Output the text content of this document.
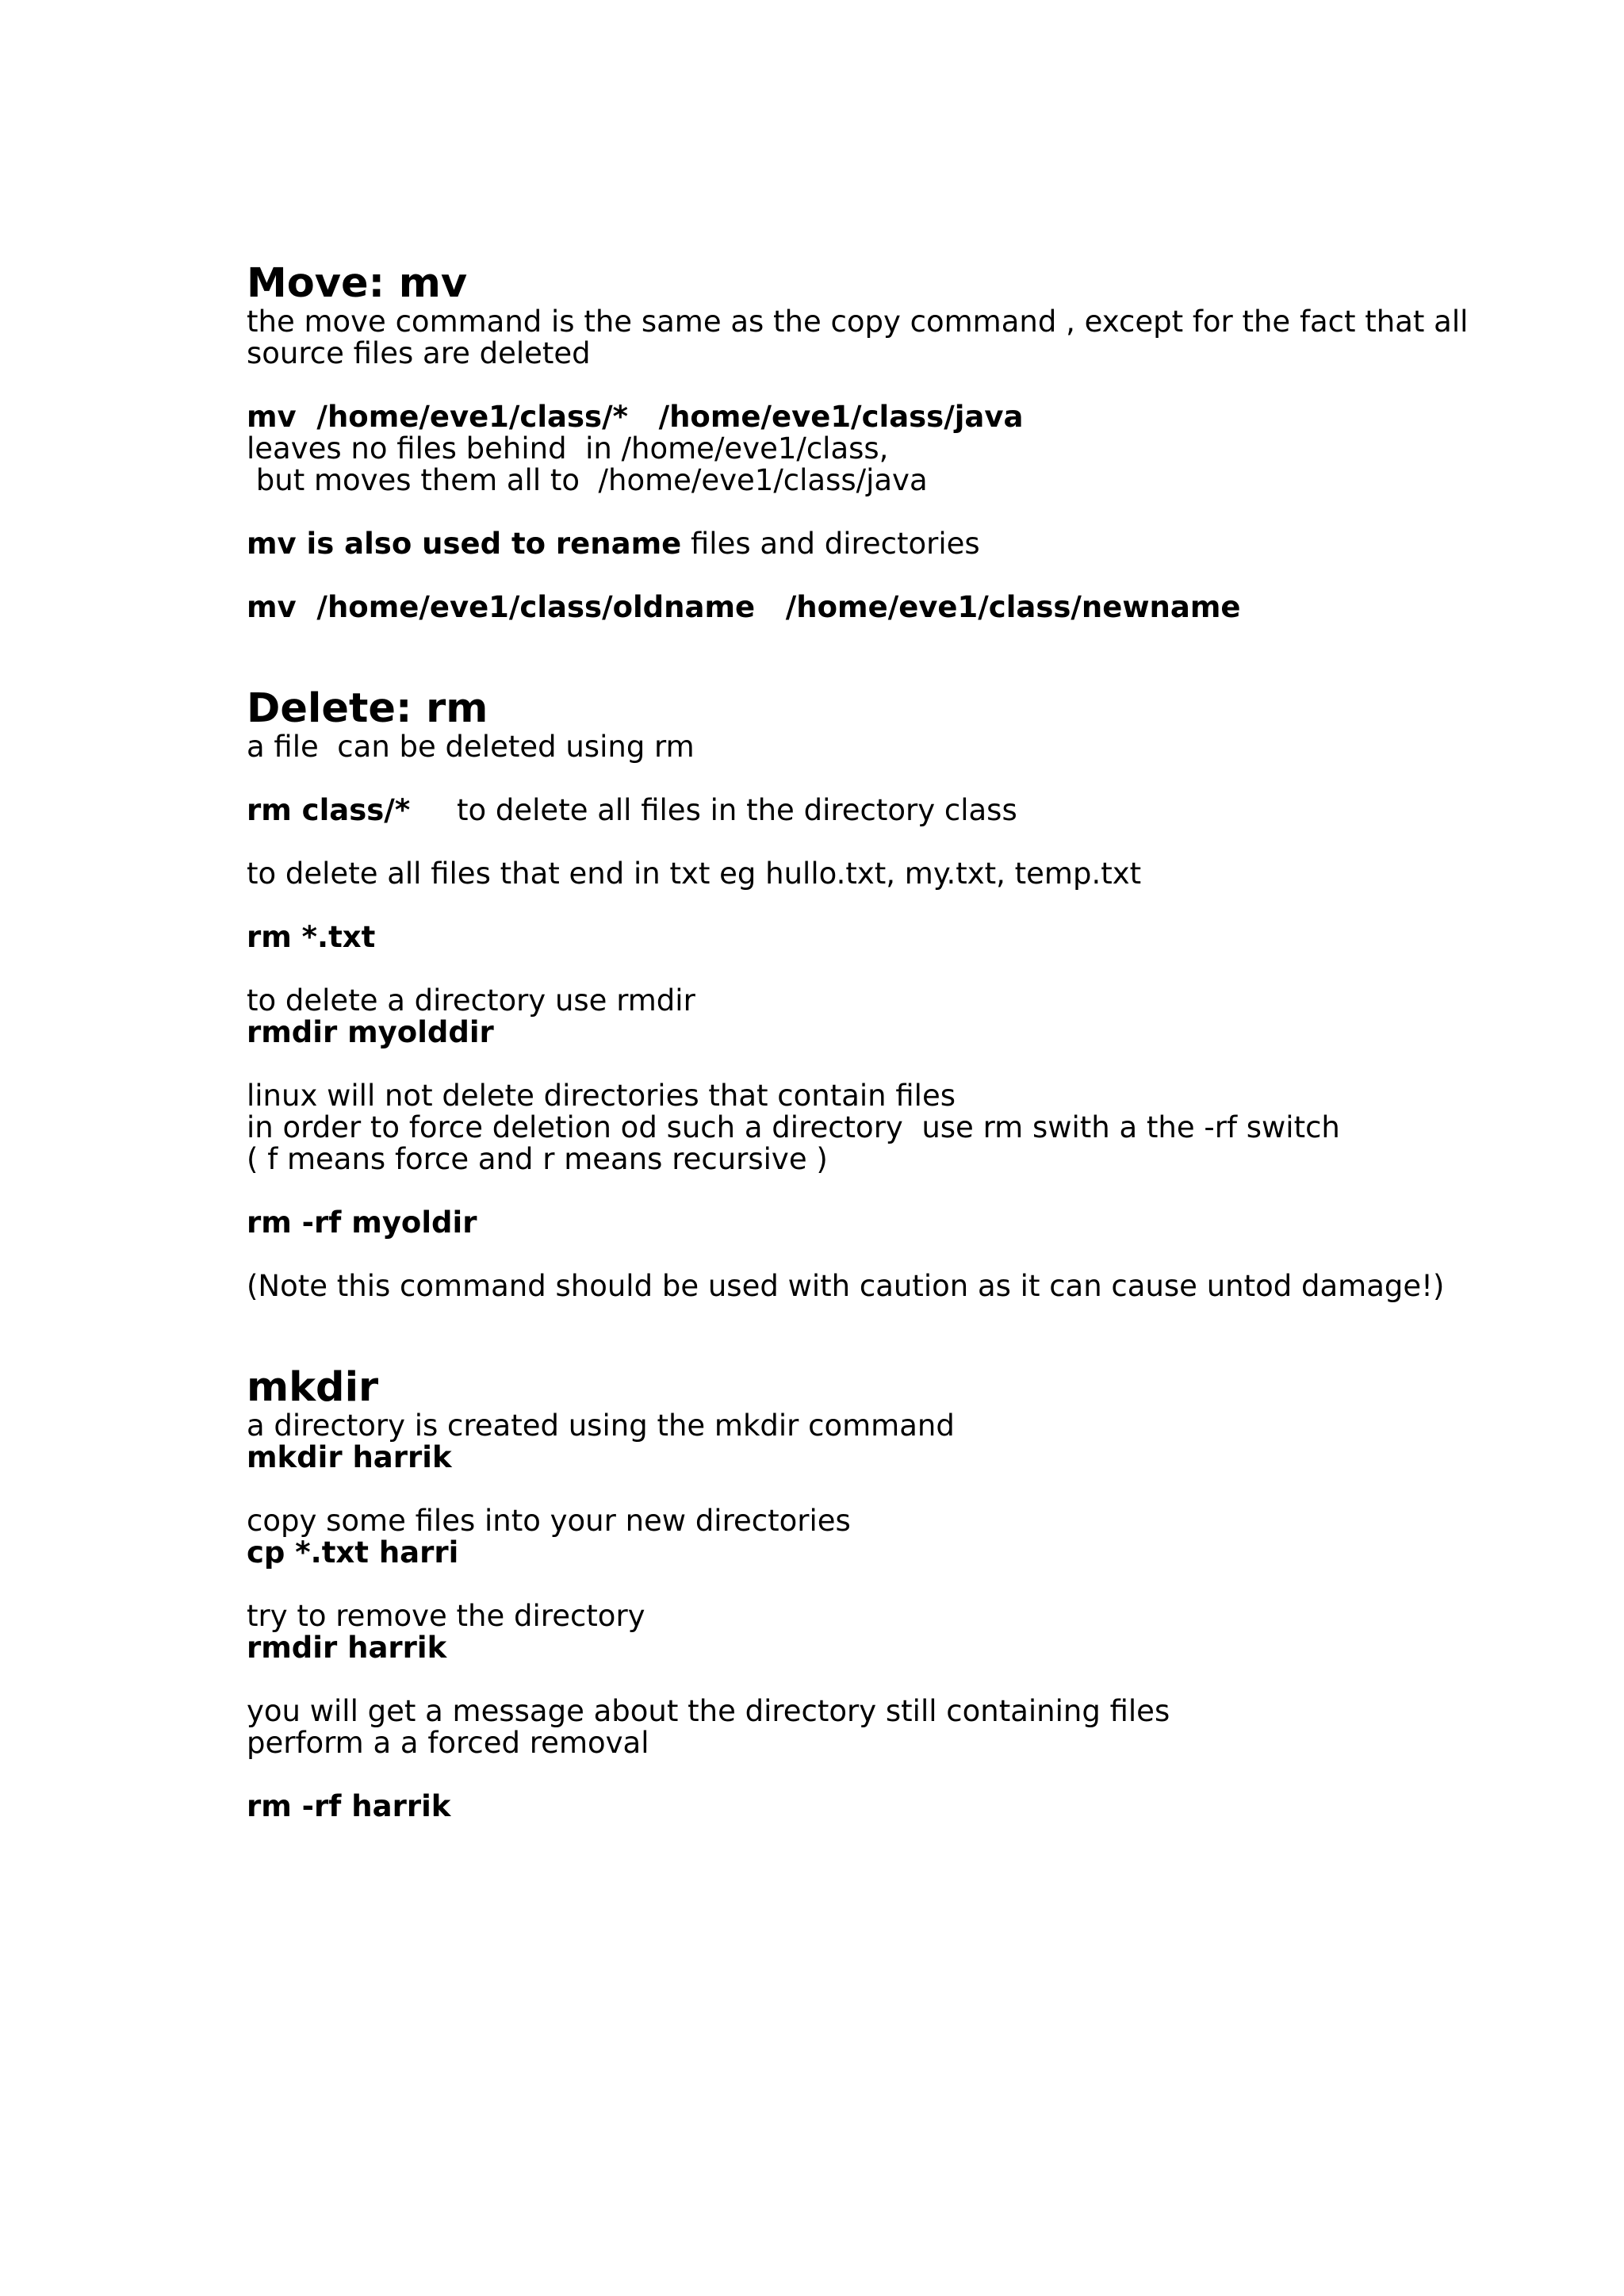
Move: mv

the move command is the same as the copy command , except for the fact that all source files are deleted

mv  /home/eve1/class/*   /home/eve1/class/java

leaves no files behind  in /home/eve1/class,

but moves them all to  /home/eve1/class/java

mv is also used to rename files and directories

mv  /home/eve1/class/oldname   /home/eve1/class/newname

Delete: rm

a file  can be deleted using rm

rm class/*     to delete all files in the directory class

to delete all files that end in txt eg hullo.txt, my.txt, temp.txt

rm *.txt

to delete a directory use rmdir

rmdir myolddir

linux will not delete directories that contain files

in order to force deletion od such a directory  use rm swith a the -rf switch

( f means force and r means recursive )

rm -rf myoldir

(Note this command should be used with caution as it can cause untod damage!)

mkdir

a directory is created using the mkdir command

mkdir harrik

copy some files into your new directories

cp *.txt harri

try to remove the directory

rmdir harrik

you will get a message about the directory still containing files

perform a a forced removal

rm -rf harrik
